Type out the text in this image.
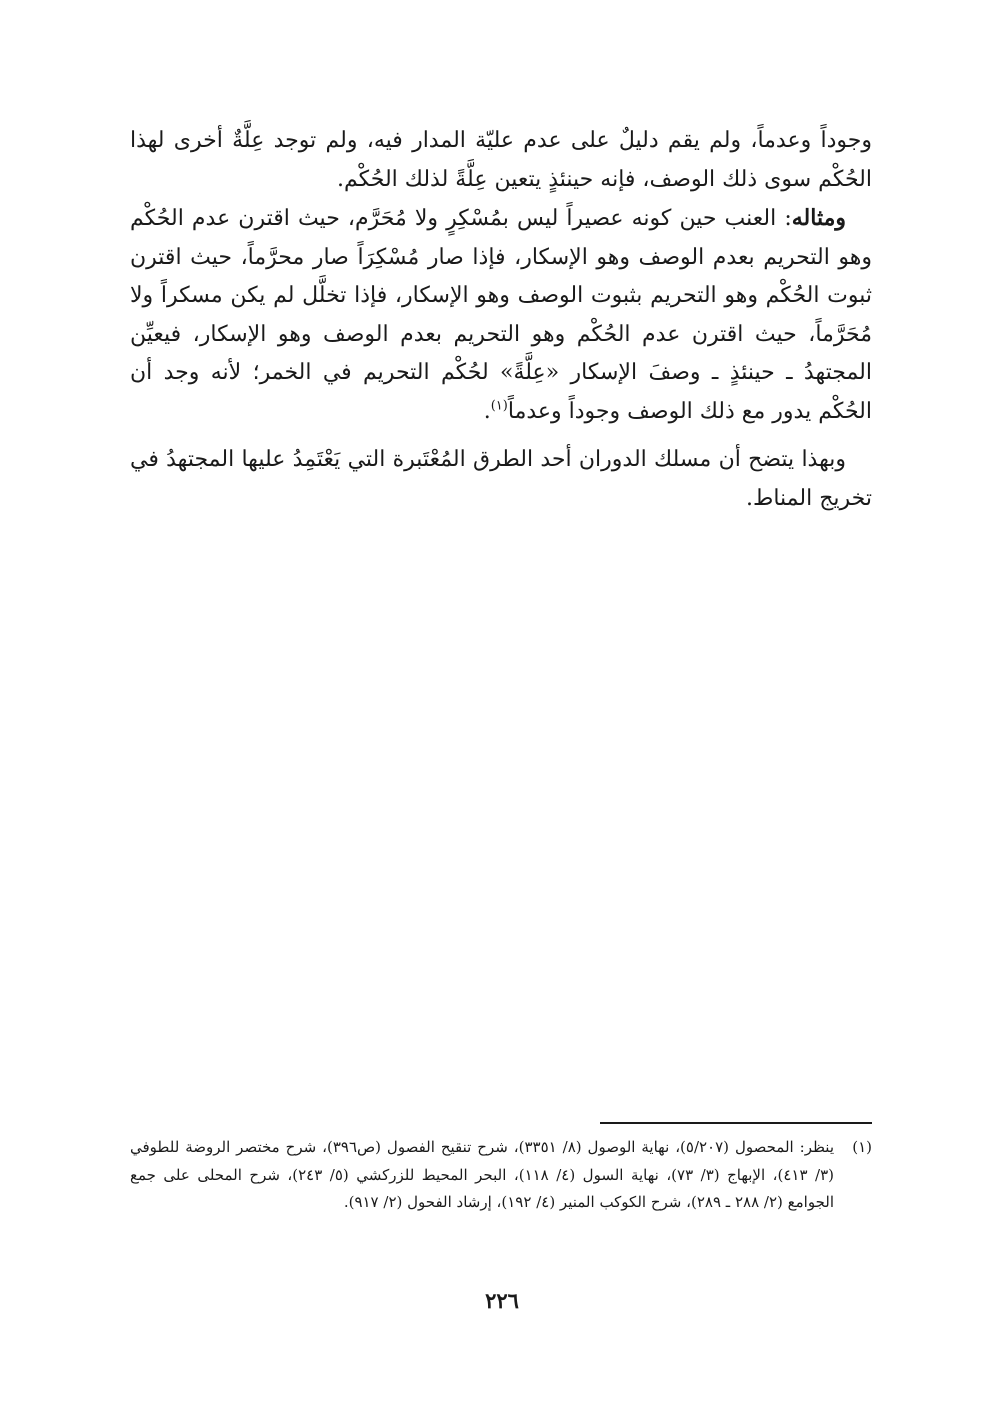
وجوداً وعدماً، ولم يقم دليلٌ على عدم عليّة المدار فيه، ولم توجد عِلَّةٌ أخرى لهذا الحُكْم سوى ذلك الوصف، فإنه حينئذٍ يتعين عِلَّةً لذلك الحُكْم.

ومثاله: العنب حين كونه عصيراً ليس بمُسْكِرٍ ولا مُحَرَّم، حيث اقترن عدم الحُكْم وهو التحريم بعدم الوصف وهو الإسكار، فإذا صار مُسْكِرَاً صار محرَّماً، حيث اقترن ثبوت الحُكْم وهو التحريم بثبوت الوصف وهو الإسكار، فإذا تخلَّل لم يكن مسكراً ولا مُحَرَّماً، حيث اقترن عدم الحُكْم وهو التحريم بعدم الوصف وهو الإسكار، فيعيِّن المجتهدُ ـ حينئذٍ ـ وصفَ الإسكار «عِلَّةً» لحُكْم التحريم في الخمر؛ لأنه وجد أن الحُكْم يدور مع ذلك الوصف وجوداً وعدماً$^{(١)}$.

وبهذا يتضح أن مسلك الدوران أحد الطرق المُعْتَبرة التي يَعْتَمِدُ عليها المجتهدُ في تخريج المناط.

(١)
ينظر: المحصول (٥/٢٠٧)، نهاية الوصول (٨/ ٣٣٥١)، شرح تنقيح الفصول (ص٣٩٦)، شرح مختصر الروضة للطوفي (٣/ ٤١٣)، الإبهاج (٣/ ٧٣)، نهاية السول (٤/ ١١٨)، البحر المحيط للزركشي (٥/ ٢٤٣)، شرح المحلى على جمع الجوامع (٢/ ٢٨٨ ـ ٢٨٩)، شرح الكوكب المنير (٤/ ١٩٢)، إرشاد الفحول (٢/ ٩١٧).
٢٢٦
